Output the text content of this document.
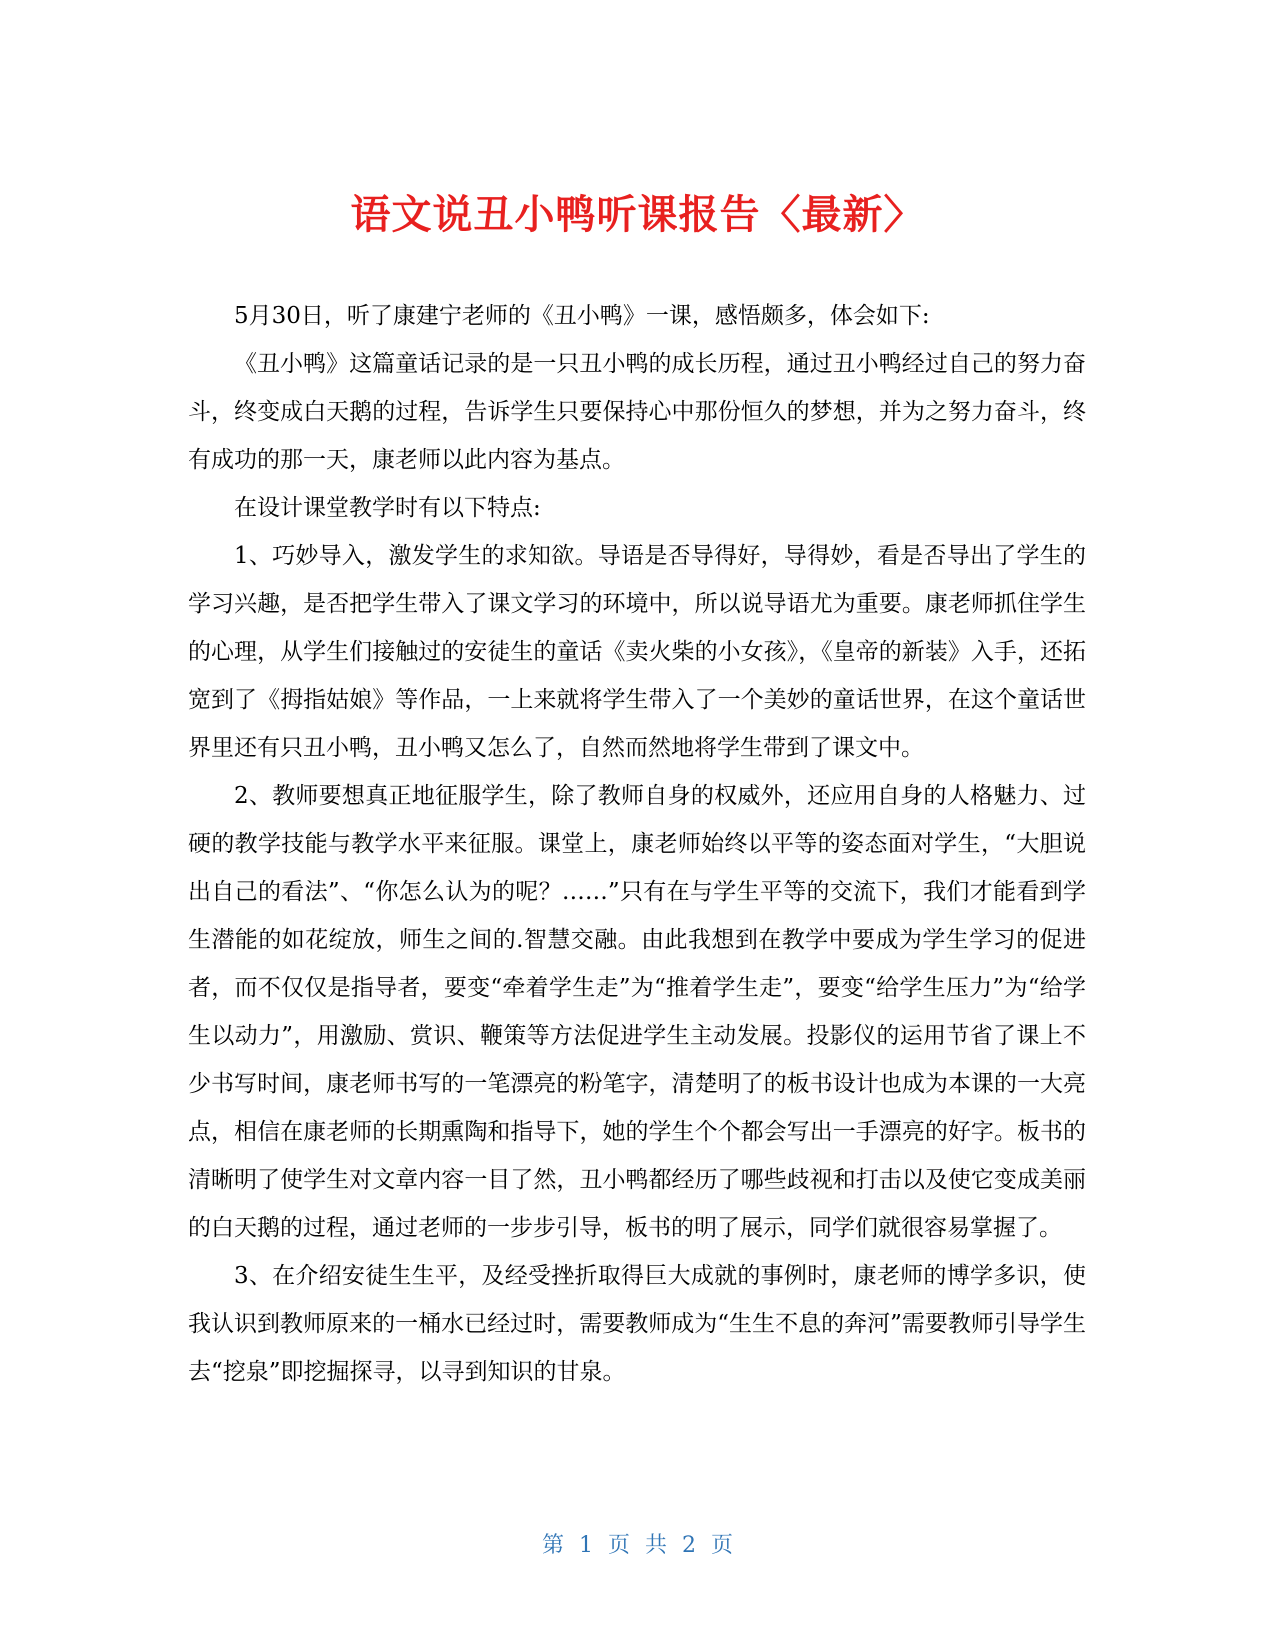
语文说丑小鸭听课报告〈最新〉

5月30日，听了康建宁老师的《丑小鸭》一课，感悟颇多，体会如下:

《丑小鸭》这篇童话记录的是一只丑小鸭的成长历程，通过丑小鸭经过自己的努力奋斗，终变成白天鹅的过程，告诉学生只要保持心中那份恒久的梦想，并为之努力奋斗，终有成功的那一天，康老师以此内容为基点。

在设计课堂教学时有以下特点:

1、巧妙导入，激发学生的求知欲。导语是否导得好，导得妙，看是否导出了学生的学习兴趣，是否把学生带入了课文学习的环境中，所以说导语尤为重要。康老师抓住学生的心理，从学生们接触过的安徒生的童话《卖火柴的小女孩》，《皇帝的新装》入手，还拓宽到了《拇指姑娘》等作品，一上来就将学生带入了一个美妙的童话世界，在这个童话世界里还有只丑小鸭，丑小鸭又怎么了，自然而然地将学生带到了课文中。

2、教师要想真正地征服学生，除了教师自身的权威外，还应用自身的人格魅力、过硬的教学技能与教学水平来征服。课堂上，康老师始终以平等的姿态面对学生，“大胆说出自己的看法”、“你怎么认为的呢？……”只有在与学生平等的交流下，我们才能看到学生潜能的如花绽放，师生之间的.智慧交融。由此我想到在教学中要成为学生学习的促进者，而不仅仅是指导者，要变“牵着学生走”为“推着学生走”，要变“给学生压力”为“给学生以动力”，用激励、赏识、鞭策等方法促进学生主动发展。投影仪的运用节省了课上不少书写时间，康老师书写的一笔漂亮的粉笔字，清楚明了的板书设计也成为本课的一大亮点，相信在康老师的长期熏陶和指导下，她的学生个个都会写出一手漂亮的好字。板书的清晰明了使学生对文章内容一目了然，丑小鸭都经历了哪些歧视和打击以及使它变成美丽的白天鹅的过程，通过老师的一步步引导，板书的明了展示，同学们就很容易掌握了。

3、在介绍安徒生生平，及经受挫折取得巨大成就的事例时，康老师的博学多识，使我认识到教师原来的一桶水已经过时，需要教师成为“生生不息的奔河”需要教师引导学生去“挖泉”即挖掘探寻，以寻到知识的甘泉。

第 1 页 共 2 页
